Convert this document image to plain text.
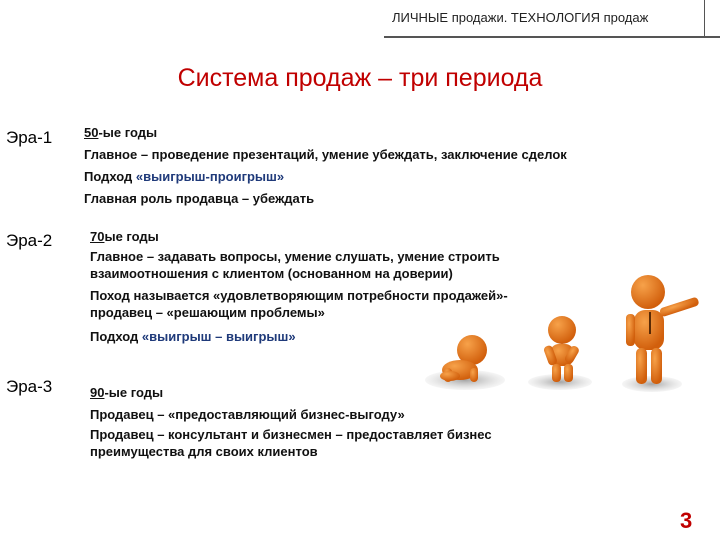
ЛИЧНЫЕ продажи. ТЕХНОЛОГИЯ продаж
Система продаж – три периода
Эра-1 50-ые годы
Главное – проведение презентаций, умение убеждать, заключение сделок
Подход «выигрыш-проигрыш»
Главная роль продавца – убеждать
Эра-2	70ые годы
Главное – задавать вопросы, умение слушать, умение строить
взаимоотношения с клиентом (основанном на доверии)
Поход называется «удовлетворяющим потребности продажей»-
продавец – «решающим проблемы»
Подход «выигрыш – выигрыш»
Эра-3	90-ые годы
Продавец – «предоставляющий бизнес-выгоду»
Продавец – консультант и бизнесмен – предоставляет бизнес
преимущества для своих клиентов
3
